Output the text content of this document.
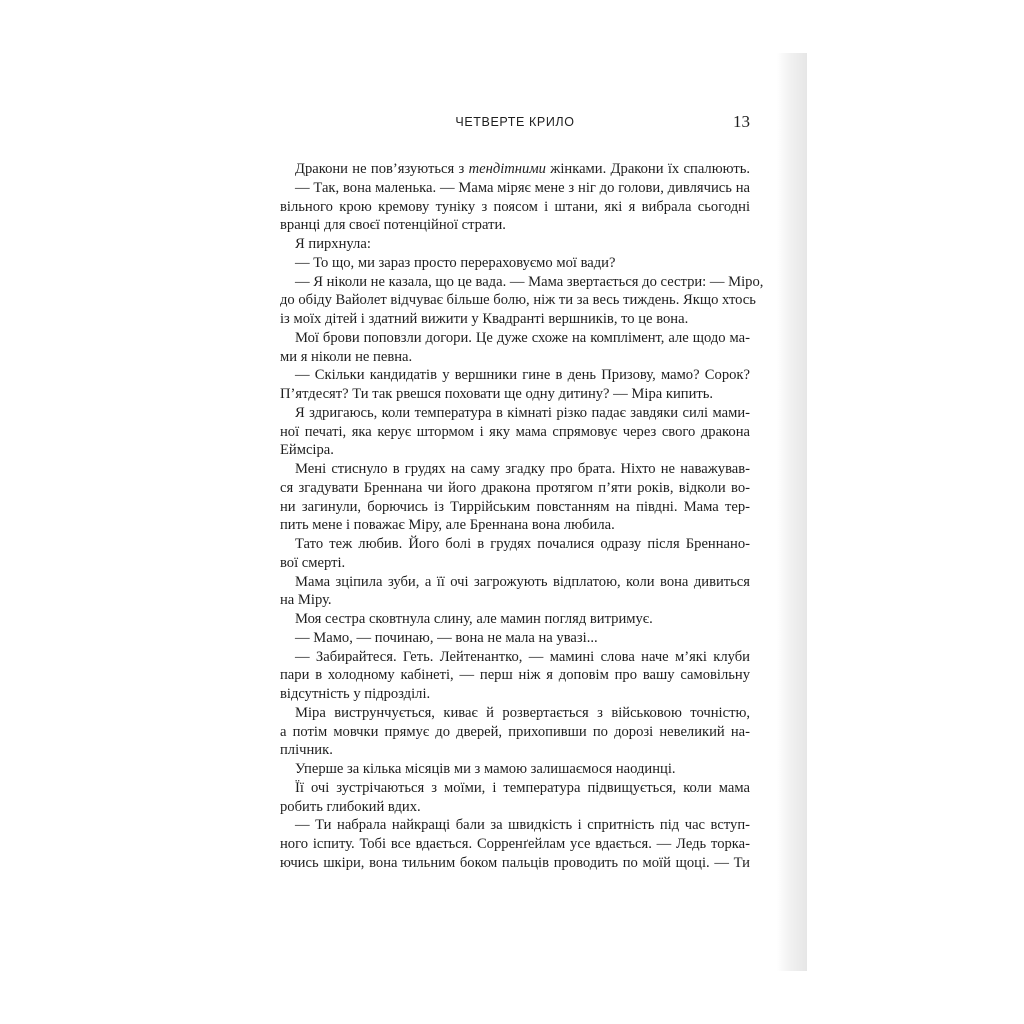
ЧЕТВЕРТЕ КРИЛО	13
Дракони не пов’язуються з тендітними жінками. Дракони їх спалюють.
— Так, вона маленька. — Мама міряє мене з ніг до голови, дивлячись на
вільного крою кремову туніку з поясом і штани, які я вибрала сьогодні
вранці для своєї потенційної страти.
Я пирхнула:
— То що, ми зараз просто перераховуємо мої вади?
— Я ніколи не казала, що це вада. — Мама звертається до сестри: — Міро,
до обіду Вайолет відчуває більше болю, ніж ти за весь тиждень. Якщо хтось
із моїх дітей і здатний вижити у Квадранті вершників, то це вона.
Мої брови поповзли догори. Це дуже схоже на комплімент, але щодо ма-
ми я ніколи не певна.
— Скільки кандидатів у вершники гине в день Призову, мамо? Сорок?
П’ятдесят? Ти так рвешся поховати ще одну дитину? — Міра кипить.
Я здригаюсь, коли температура в кімнаті різко падає завдяки силі мами-
ної печаті, яка керує штормом і яку мама спрямовує через свого дракона
Еймсіра.
Мені стиснуло в грудях на саму згадку про брата. Ніхто не наважував-
ся згадувати Бреннана чи його дракона протягом п’яти років, відколи во-
ни загинули, борючись із Тиррійським повстанням на півдні. Мама тер-
пить мене і поважає Міру, але Бреннана вона любила.
Тато теж любив. Його болі в грудях почалися одразу після Бреннано-
вої смерті.
Мама зціпила зуби, а її очі загрожують відплатою, коли вона дивиться
на Міру.
Моя сестра сковтнула слину, але мамин погляд витримує.
— Мамо, — починаю, — вона не мала на увазі...
— Забирайтеся. Геть. Лейтенантко, — мамині слова наче м’які клуби
пари в холодному кабінеті, — перш ніж я доповім про вашу самовільну
відсутність у підрозділі.
Міра виструнчується, киває й розвертається з військовою точністю,
а потім мовчки прямує до дверей, прихопивши по дорозі невеликий на-
плічник.
Уперше за кілька місяців ми з мамою залишаємося наодинці.
Її очі зустрічаються з моїми, і температура підвищується, коли мама
робить глибокий вдих.
— Ти набрала найкращі бали за швидкість і спритність під час вступ-
ного іспиту. Тобі все вдається. Сорренґейлам усе вдається. — Ледь торка-
ючись шкіри, вона тильним боком пальців проводить по моїй щоці. — Ти
